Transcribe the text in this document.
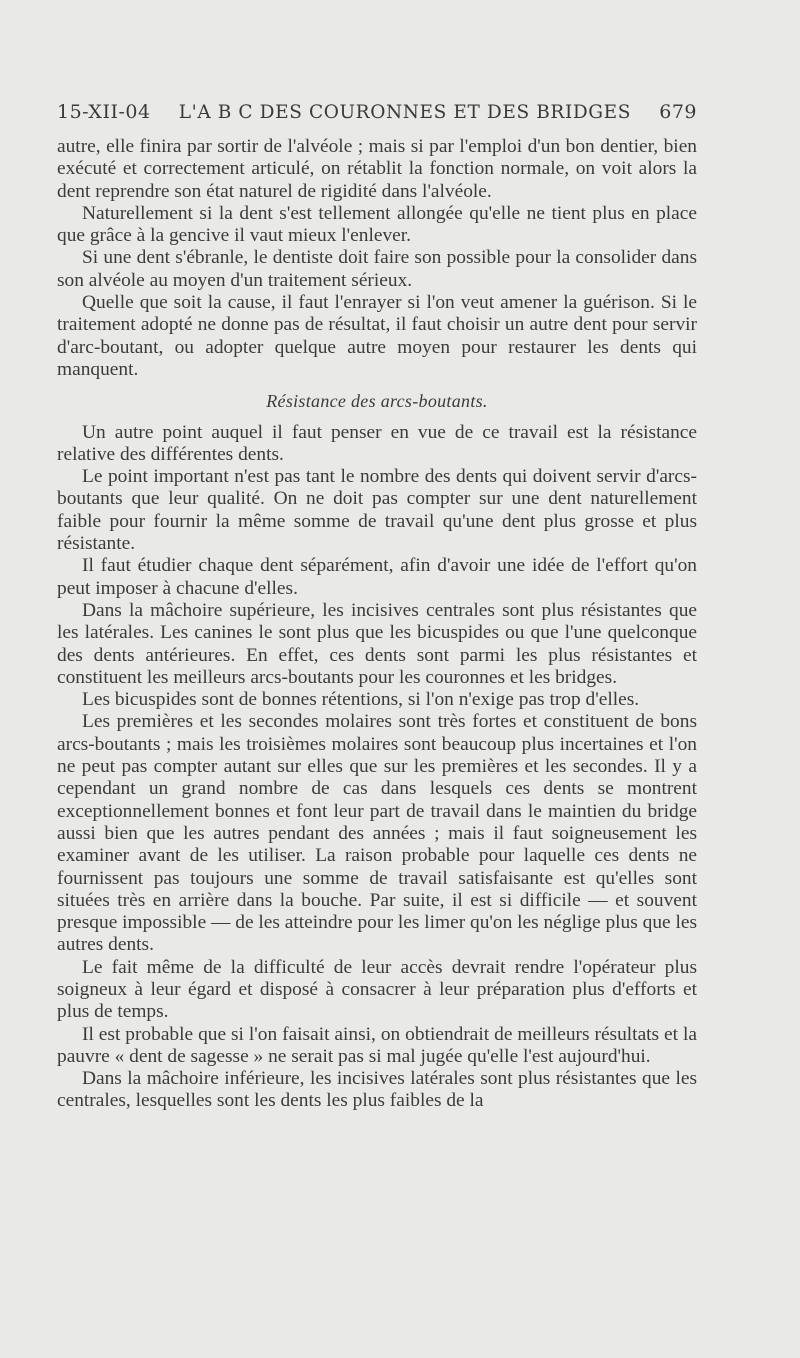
15-XII-04 L'A B C DES COURONNES ET DES BRIDGES 679

autre, elle finira par sortir de l'alvéole ; mais si par l'emploi d'un bon dentier, bien exécuté et correctement articulé, on rétablit la fonction normale, on voit alors la dent reprendre son état naturel de rigidité dans l'alvéole.

Naturellement si la dent s'est tellement allongée qu'elle ne tient plus en place que grâce à la gencive il vaut mieux l'enlever.

Si une dent s'ébranle, le dentiste doit faire son possible pour la consolider dans son alvéole au moyen d'un traitement sérieux.

Quelle que soit la cause, il faut l'enrayer si l'on veut amener la guérison. Si le traitement adopté ne donne pas de résultat, il faut choisir un autre dent pour servir d'arc-boutant, ou adopter quelque autre moyen pour restaurer les dents qui manquent.

Résistance des arcs-boutants.

Un autre point auquel il faut penser en vue de ce travail est la résistance relative des différentes dents.

Le point important n'est pas tant le nombre des dents qui doivent servir d'arcs-boutants que leur qualité. On ne doit pas compter sur une dent naturellement faible pour fournir la même somme de travail qu'une dent plus grosse et plus résistante.

Il faut étudier chaque dent séparément, afin d'avoir une idée de l'effort qu'on peut imposer à chacune d'elles.

Dans la mâchoire supérieure, les incisives centrales sont plus résistantes que les latérales. Les canines le sont plus que les bicuspides ou que l'une quelconque des dents antérieures. En effet, ces dents sont parmi les plus résistantes et constituent les meilleurs arcs-boutants pour les couronnes et les bridges.

Les bicuspides sont de bonnes rétentions, si l'on n'exige pas trop d'elles.

Les premières et les secondes molaires sont très fortes et constituent de bons arcs-boutants ; mais les troisièmes molaires sont beaucoup plus incertaines et l'on ne peut pas compter autant sur elles que sur les premières et les secondes. Il y a cependant un grand nombre de cas dans lesquels ces dents se montrent exceptionnellement bonnes et font leur part de travail dans le maintien du bridge aussi bien que les autres pendant des années ; mais il faut soigneusement les examiner avant de les utiliser. La raison probable pour laquelle ces dents ne fournissent pas toujours une somme de travail satisfaisante est qu'elles sont situées très en arrière dans la bouche. Par suite, il est si difficile — et souvent presque impossible — de les atteindre pour les limer qu'on les néglige plus que les autres dents.

Le fait même de la difficulté de leur accès devrait rendre l'opérateur plus soigneux à leur égard et disposé à consacrer à leur préparation plus d'efforts et plus de temps.

Il est probable que si l'on faisait ainsi, on obtiendrait de meilleurs résultats et la pauvre « dent de sagesse » ne serait pas si mal jugée qu'elle l'est aujourd'hui.

Dans la mâchoire inférieure, les incisives latérales sont plus résistantes que les centrales, lesquelles sont les dents les plus faibles de la
